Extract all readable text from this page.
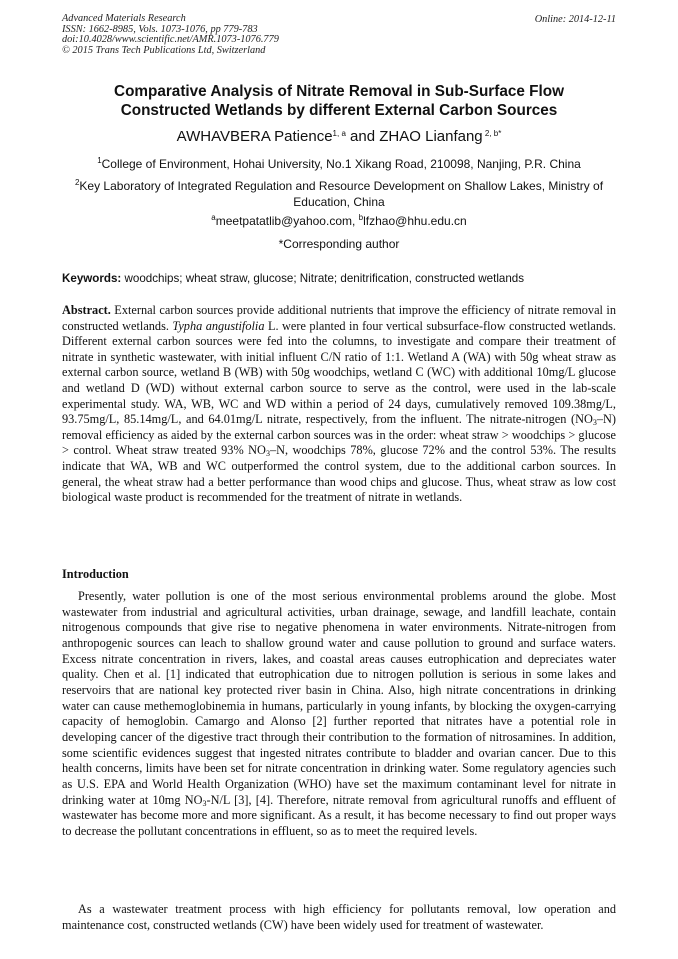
Advanced Materials Research
ISSN: 1662-8985, Vols. 1073-1076, pp 779-783
doi:10.4028/www.scientific.net/AMR.1073-1076.779
© 2015 Trans Tech Publications Ltd, Switzerland
Online: 2014-12-11
Comparative Analysis of Nitrate Removal in Sub-Surface Flow
Constructed Wetlands by different External Carbon Sources
AWHAVBERA Patience$^{1, a}$ and ZHAO Lianfang $^{2, b*}$
$^1$College of Environment, Hohai University, No.1 Xikang Road, 210098, Nanjing, P.R. China
$^2$Key Laboratory of Integrated Regulation and Resource Development on Shallow Lakes, Ministry of Education, China
$^a$meetpatatlib@yahoo.com, $^b$lfzhao@hhu.edu.cn
*Corresponding author
Keywords: woodchips; wheat straw, glucose; Nitrate; denitrification, constructed wetlands

Abstract. External carbon sources provide additional nutrients that improve the efficiency of nitrate removal in constructed wetlands. Typha angustifolia L. were planted in four vertical subsurface-flow constructed wetlands. Different external carbon sources were fed into the columns, to investigate and compare their treatment of nitrate in synthetic wastewater, with initial influent C/N ratio of 1:1. Wetland A (WA) with 50g wheat straw as external carbon source, wetland B (WB) with 50g woodchips, wetland C (WC) with additional 10mg/L glucose and wetland D (WD) without external carbon source to serve as the control, were used in the lab-scale experimental study. WA, WB, WC and WD within a period of 24 days, cumulatively removed 109.38mg/L, 93.75mg/L, 85.14mg/L, and 64.01mg/L nitrate, respectively, from the influent. The nitrate-nitrogen $(NO_3-N)$ removal efficiency as aided by the external carbon sources was in the order: wheat straw > woodchips > glucose > control. Wheat straw treated 93% $NO_3-N$, woodchips 78%, glucose 72% and the control 53%. The results indicate that WA, WB and WC outperformed the control system, due to the additional carbon sources. In general, the wheat straw had a better performance than wood chips and glucose. Thus, wheat straw as low cost biological waste product is recommended for the treatment of nitrate in wetlands.

Introduction

Presently, water pollution is one of the most serious environmental problems around the globe. Most wastewater from industrial and agricultural activities, urban drainage, sewage, and landfill leachate, contain nitrogenous compounds that give rise to negative phenomena in water environments. Nitrate-nitrogen from anthropogenic sources can leach to shallow ground water and cause pollution to ground and surface waters. Excess nitrate concentration in rivers, lakes, and coastal areas causes eutrophication and depreciates water quality. Chen et al. [1] indicated that eutrophication due to nitrogen pollution is serious in some lakes and reservoirs that are national key protected river basin in China. Also, high nitrate concentrations in drinking water can cause methemoglobinemia in humans, particularly in young infants, by blocking the oxygen-carrying capacity of hemoglobin. Camargo and Alonso [2] further reported that nitrates have a potential role in developing cancer of the digestive tract through their contribution to the formation of nitrosamines. In addition, some scientific evidences suggest that ingested nitrates contribute to bladder and ovarian cancer. Due to this health concerns, limits have been set for nitrate concentration in drinking water. Some regulatory agencies such as U.S. EPA and World Health Organization (WHO) have set the maximum contaminant level for nitrate in drinking water at 10mg $NO_3-N/L$ [3], [4]. Therefore, nitrate removal from agricultural runoffs and effluent of wastewater has become more and more significant. As a result, it has become necessary to find out proper ways to decrease the pollutant concentrations in effluent, so as to meet the required levels.

As a wastewater treatment process with high efficiency for pollutants removal, low operation and maintenance cost, constructed wetlands (CW) have been widely used for treatment of wastewater.
